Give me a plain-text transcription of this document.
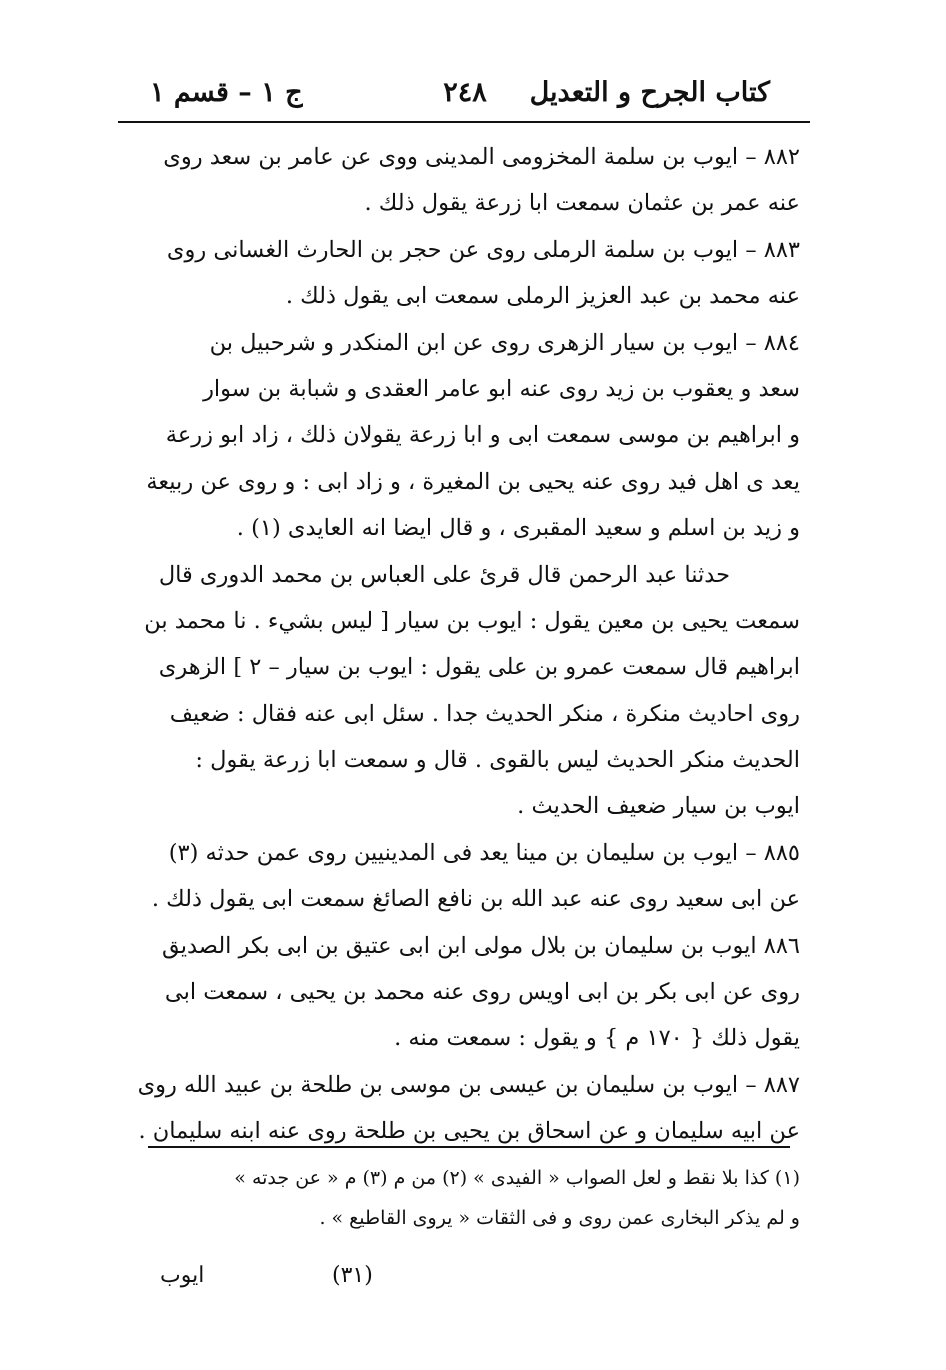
كتاب الجرح و التعديل
٢٤٨
ج ١ – قسم ١
٨٨٢ – ايوب بن سلمة المخزومى المدينى ووى عن عامر بن سعد روى
عنه عمر بن عثمان سمعت ابا زرعة يقول ذلك .
٨٨٣ – ايوب بن سلمة الرملى روى عن حجر بن الحارث الغسانى روى
عنه محمد بن عبد العزيز الرملى سمعت ابى يقول ذلك .
٨٨٤ – ايوب بن سيار الزهرى روى عن ابن المنكدر و شرحبيل بن
سعد و يعقوب بن زيد روى عنه ابو عامر العقدى و شبابة بن سوار
و ابراهيم بن موسى سمعت ابى و ابا زرعة يقولان ذلك ، زاد ابو زرعة
يعد ى اهل فيد روى عنه يحيى بن المغيرة ، و زاد ابى : و روى عن ربيعة
و زيد بن اسلم و سعيد المقبرى ، و قال ايضا انه العايدى (١) .
حدثنا عبد الرحمن قال قرئ على العباس بن محمد الدورى قال
سمعت يحيى بن معين يقول : ايوب بن سيار [ ليس بشيء . نا محمد بن
ابراهيم قال سمعت عمرو بن على يقول : ايوب بن سيار – ٢ ] الزهرى
روى احاديث منكرة ، منكر الحديث جدا . سئل ابى عنه فقال : ضعيف
الحديث منكر الحديث ليس بالقوى . قال و سمعت ابا زرعة يقول :
ايوب بن سيار ضعيف الحديث .
٨٨٥ – ايوب بن سليمان بن مينا يعد فى المدينيين روى عمن حدثه (٣)
عن ابى سعيد روى عنه عبد الله بن نافع الصائغ سمعت ابى يقول ذلك .
٨٨٦ ايوب بن سليمان بن بلال مولى ابن ابى عتيق بن ابى بكر الصديق
روى عن ابى بكر بن ابى اويس روى عنه محمد بن يحيى ، سمعت ابى
يقول ذلك { ١٧٠ م } و يقول : سمعت منه .
٨٨٧ – ايوب بن سليمان بن عيسى بن موسى بن طلحة بن عبيد الله روى
عن ابيه سليمان و عن اسحاق بن يحيى بن طلحة روى عنه ابنه سليمان .
(١) كذا بلا نقط و لعل الصواب « الفيدى » (٢) من م (٣) م « عن جدته »
و لم يذكر البخارى عمن روى و فى الثقات « يروى القاطيع » .
(٣١)
ايوب
